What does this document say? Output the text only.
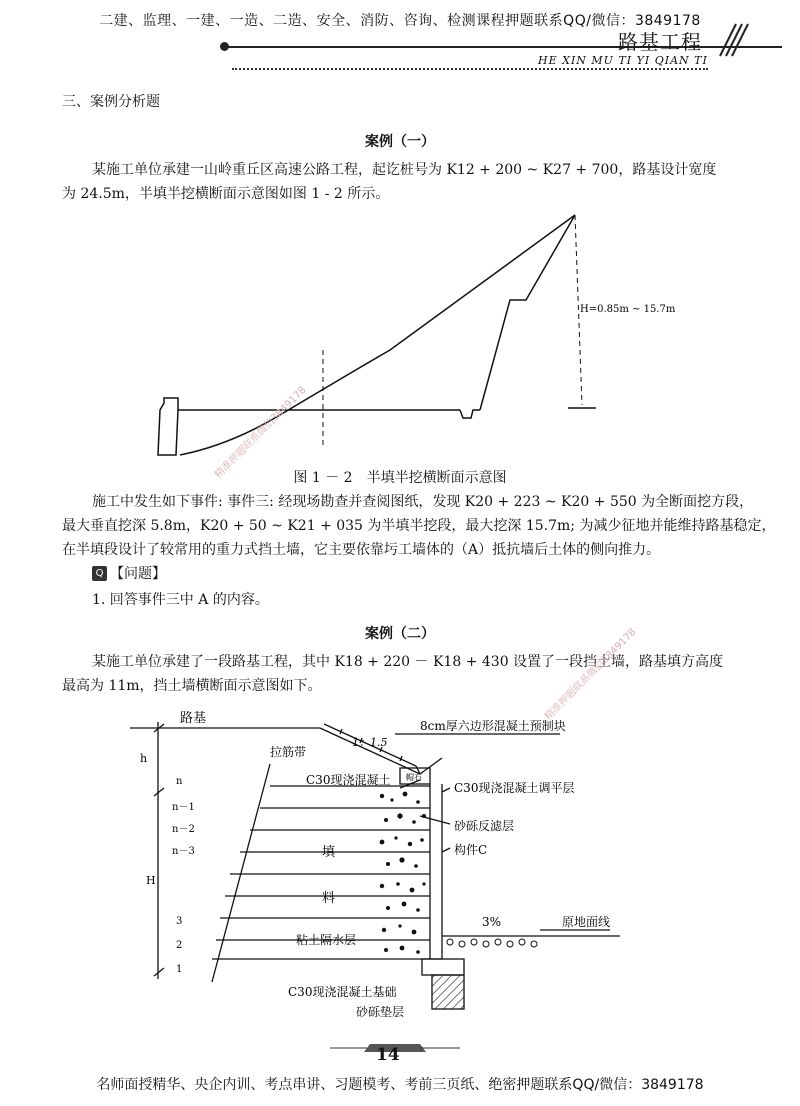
二建、监理、一建、一造、二造、安全、消防、咨询、检测课程押题联系QQ/微信：3849178
路基工程
HE XIN MU TI YI QIAN TI
三、案例分析题
案例（一）
某施工单位承建一山岭重丘区高速公路工程，起讫桩号为 K12 + 200 ~ K27 + 700，路基设计宽度
为 24.5m，半填半挖横断面示意图如图 1 - 2 所示。
H=0.85m ~ 15.7m
精准押题联系微信3849178
图 1 － 2　半填半挖横断面示意图
施工中发生如下事件: 事件三: 经现场勘查并查阅图纸，发现 K20 + 223 ~ K20 + 550 为全断面挖方段，
最大垂直挖深 5.8m，K20 + 50 ~ K21 + 035 为半填半挖段，最大挖深 15.7m; 为减少征地并能维持路基稳定，
在半填段设计了较常用的重力式挡土墙，它主要依靠圬工墙体的（A）抵抗墙后土体的侧向推力。
Q 【问题】
1. 回答事件三中 A 的内容。
案例（二）
某施工单位承建了一段路基工程，其中 K18 + 220 － K18 + 430 设置了一段挡土墙，路基填方高度
最高为 11m，挡土墙横断面示意图如下。	精准押题联系微信3849178
路基
1：1.5
8cm厚六边形混凝土预制块
拉筋带
C30现浇混凝土 帽石
C30现浇混凝土调平层
砂砾反滤层
构件C
填
料
3%	原地面线
粘土隔水层
C30现浇混凝土基础
砂砾垫层
h
H
n
n－1
n－2
n－3
3
2
1
14
名师面授精华、央企内训、考点串讲、习题模考、考前三页纸、绝密押题联系QQ/微信：3849178
